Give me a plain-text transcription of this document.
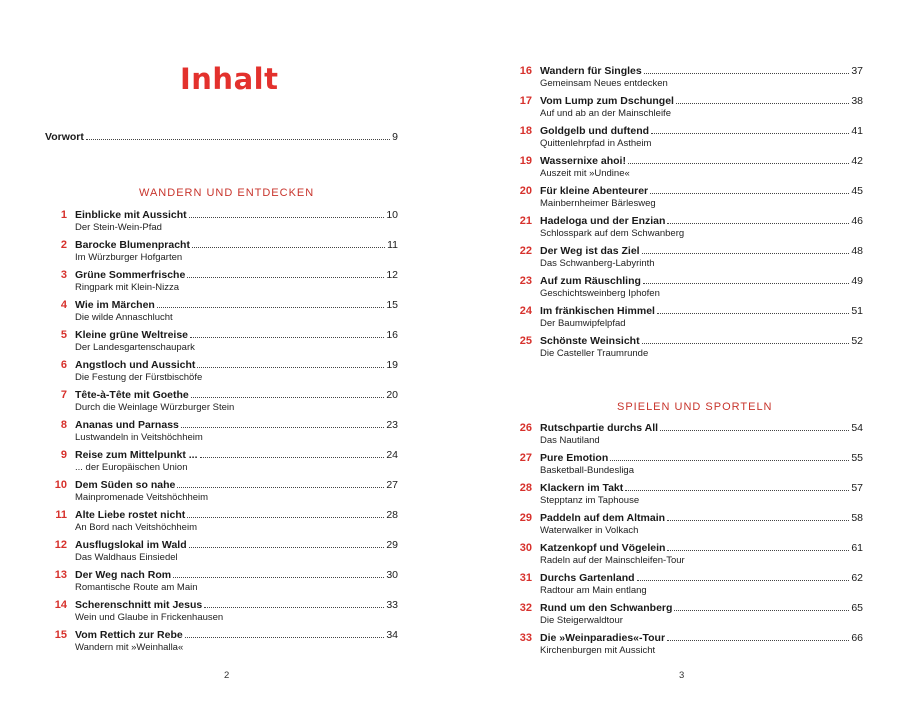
Inhalt
Vorwort	9
WANDERN UND ENTDECKEN
1 Einblicke mit Aussicht	10
Der Stein-Wein-Pfad
2 Barocke Blumenpracht	11
Im Würzburger Hofgarten
3 Grüne Sommerfrische	12
Ringpark mit Klein-Nizza
4 Wie im Märchen	15
Die wilde Annaschlucht
5 Kleine grüne Weltreise	16
Der Landesgartenschaupark
6 Angstloch und Aussicht	19
Die Festung der Fürstbischöfe
7 Tête-à-Tête mit Goethe	20
Durch die Weinlage Würzburger Stein
8 Ananas und Parnass	23
Lustwandeln in Veitshöchheim
9 Reise zum Mittelpunkt ...	24
... der Europäischen Union
10 Dem Süden so nahe	27
Mainpromenade Veitshöchheim
11 Alte Liebe rostet nicht	28
An Bord nach Veitshöchheim
12 Ausflugslokal im Wald	29
Das Waldhaus Einsiedel
13 Der Weg nach Rom	30
Romantische Route am Main
14 Scherenschnitt mit Jesus	33
Wein und Glaube in Frickenhausen
15 Vom Rettich zur Rebe	34
Wandern mit »Weinhalla«
2
16 Wandern für Singles	37
Gemeinsam Neues entdecken
17 Vom Lump zum Dschungel	38
Auf und ab an der Mainschleife
18 Goldgelb und duftend	41
Quittenlehrpfad in Astheim
19 Wassernixe ahoi!	42
Auszeit mit »Undine«
20 Für kleine Abenteurer	45
Mainbernheimer Bärlesweg
21 Hadeloga und der Enzian	46
Schlosspark auf dem Schwanberg
22 Der Weg ist das Ziel	48
Das Schwanberg-Labyrinth
23 Auf zum Räuschling	49
Geschichtsweinberg Iphofen
24 Im fränkischen Himmel	51
Der Baumwipfelpfad
25 Schönste Weinsicht	52
Die Casteller Traumrunde
SPIELEN UND SPORTELN
26 Rutschpartie durchs All	54
Das Nautiland
27 Pure Emotion	55
Basketball-Bundesliga
28 Klackern im Takt	57
Stepptanz im Taphouse
29 Paddeln auf dem Altmain	58
Waterwalker in Volkach
30 Katzenkopf und Vögelein	61
Radeln auf der Mainschleifen-Tour
31 Durchs Gartenland	62
Radtour am Main entlang
32 Rund um den Schwanberg	65
Die Steigerwaldtour
33 Die »Weinparadies«-Tour	66
Kirchenburgen mit Aussicht
3
